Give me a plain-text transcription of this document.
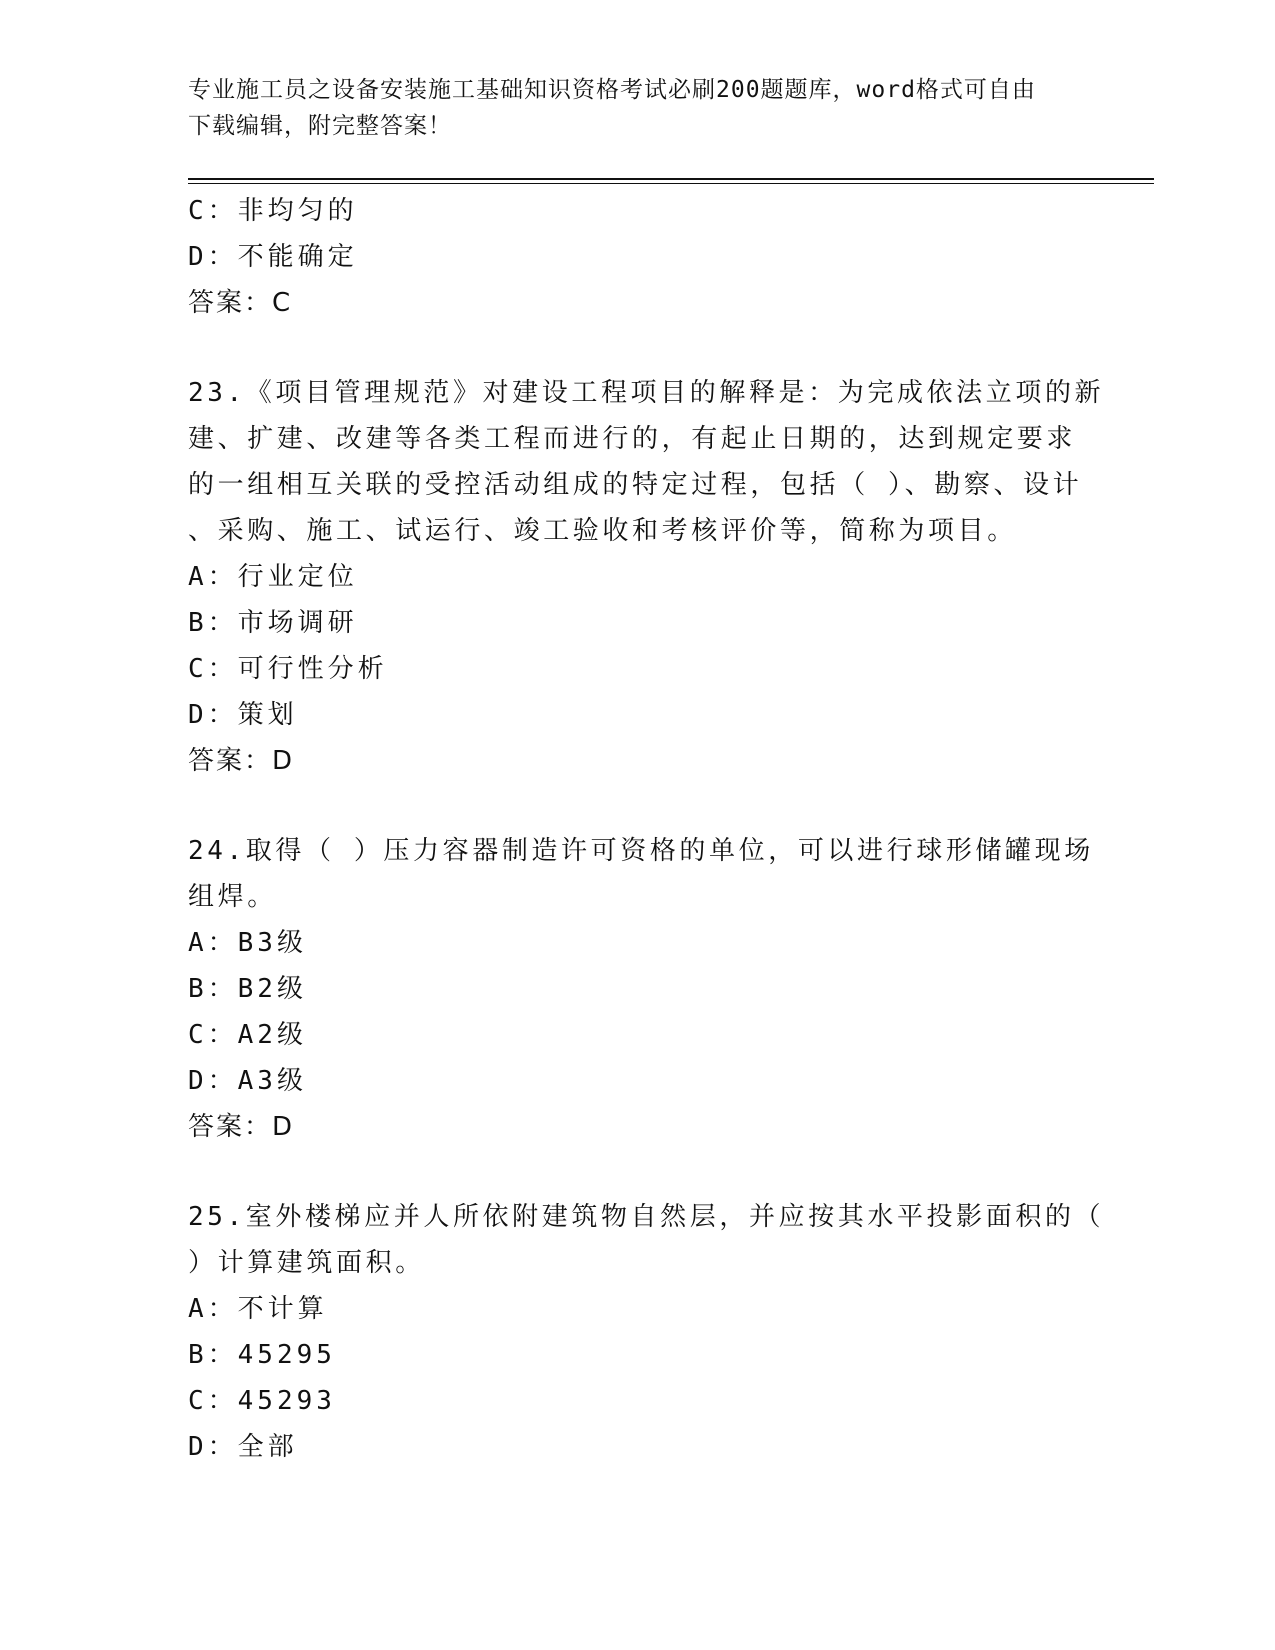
专业施工员之设备安装施工基础知识资格考试必刷200题题库，word格式可自由
下载编辑，附完整答案！
C：非均匀的
D：不能确定
答案：C
23.《项目管理规范》对建设工程项目的解释是：为完成依法立项的新
建、扩建、改建等各类工程而进行的，有起止日期的，达到规定要求
的一组相互关联的受控活动组成的特定过程，包括（ ）、勘察、设计
、采购、施工、试运行、竣工验收和考核评价等，简称为项目。
A：行业定位
B：市场调研
C：可行性分析
D：策划
答案：D
24.取得（ ）压力容器制造许可资格的单位，可以进行球形储罐现场
组焊。
A：B3级
B：B2级
C：A2级
D：A3级
答案：D
25.室外楼梯应并人所依附建筑物自然层，并应按其水平投影面积的（
）计算建筑面积。
A：不计算
B：45295
C：45293
D：全部
